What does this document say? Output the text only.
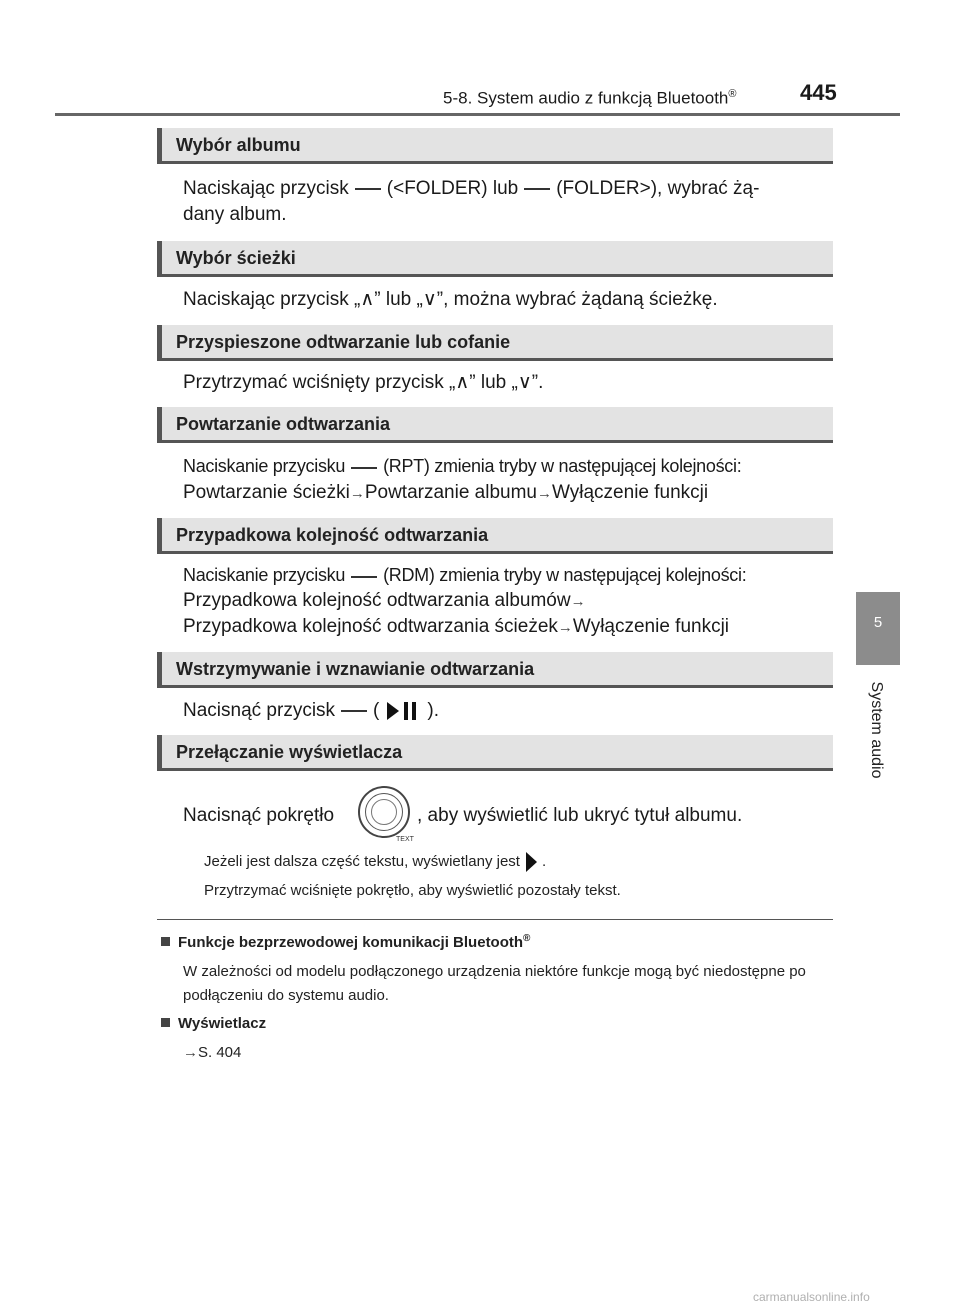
5-8. System audio z funkcją Bluetooth®	445
5
System audio
Wybór albumu
Naciskając przycisk (<FOLDER) lub (FOLDER>), wybrać żą-
dany album.
Wybór ścieżki
Naciskając przycisk „∧” lub „∨”, można wybrać żądaną ścieżkę.
Przyspieszone odtwarzanie lub cofanie
Przytrzymać wciśnięty przycisk „∧” lub „∨”.
Powtarzanie odtwarzania
Naciskanie przycisku (RPT) zmienia tryby w następującej kolejności:
Powtarzanie ścieżki→Powtarzanie albumu→Wyłączenie funkcji
Przypadkowa kolejność odtwarzania
Naciskanie przycisku (RDM) zmienia tryby w następującej kolejności:
Przypadkowa kolejność odtwarzania albumów→
Przypadkowa kolejność odtwarzania ścieżek→Wyłączenie funkcji
Wstrzymywanie i wznawianie odtwarzania
Nacisnąć przycisk (	).
Przełączanie wyświetlacza
Nacisnąć pokrętło
TEXT
, aby wyświetlić lub ukryć tytuł albumu.
Jeżeli jest dalsza część tekstu, wyświetlany jest .
Przytrzymać wciśnięte pokrętło, aby wyświetlić pozostały tekst.
Funkcje bezprzewodowej komunikacji Bluetooth®
W zależności od modelu podłączonego urządzenia niektóre funkcje mogą być niedostępne po podłączeniu do systemu audio.
Wyświetlacz
→S. 404
carmanualsonline.info
